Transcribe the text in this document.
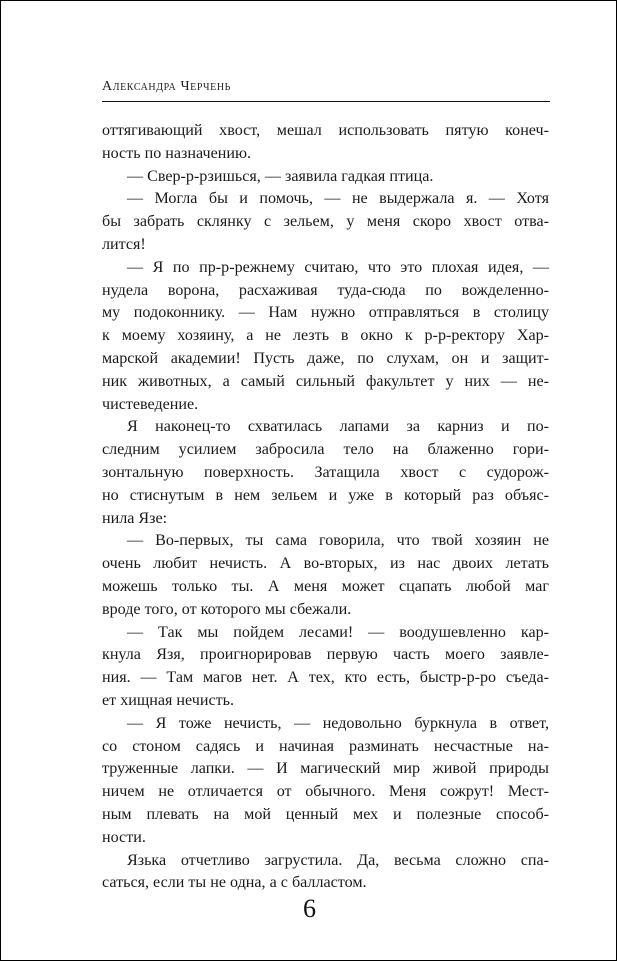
Александра Черчень
оттягивающий хвост, мешал использовать пятую конеч-
ность по назначению.
— Свер-р-рзишься, — заявила гадкая птица.
— Могла бы и помочь, — не выдержала я. — Хотя
бы забрать склянку с зельем, у меня скоро хвост отва-
лится!
— Я по пр-р-режнему считаю, что это плохая идея, —
нудела ворона, расхаживая туда-сюда по вожделенно-
му подоконнику. — Нам нужно отправляться в столицу
к моему хозяину, а не лезть в окно к р-р-ректору Хар-
марской академии! Пусть даже, по слухам, он и защит-
ник животных, а самый сильный факультет у них — не-
чистеведение.
Я наконец-то схватилась лапами за карниз и по-
следним усилием забросила тело на блаженно гори-
зонтальную поверхность. Затащила хвост с судорож-
но стиснутым в нем зельем и уже в который раз объяс-
нила Язе:
— Во-первых, ты сама говорила, что твой хозяин не
очень любит нечисть. А во-вторых, из нас двоих летать
можешь только ты. А меня может сцапать любой маг
вроде того, от которого мы сбежали.
— Так мы пойдем лесами! — воодушевленно кар-
кнула Язя, проигнорировав первую часть моего заявле-
ния. — Там магов нет. А тех, кто есть, быстр-р-ро съеда-
ет хищная нечисть.
— Я тоже нечисть, — недовольно буркнула в ответ,
со стоном садясь и начиная разминать несчастные на-
труженные лапки. — И магический мир живой природы
ничем не отличается от обычного. Меня сожрут! Мест-
ным плевать на мой ценный мех и полезные способ-
ности.
Язька отчетливо загрустила. Да, весьма сложно спа-
саться, если ты не одна, а с балластом.
6
